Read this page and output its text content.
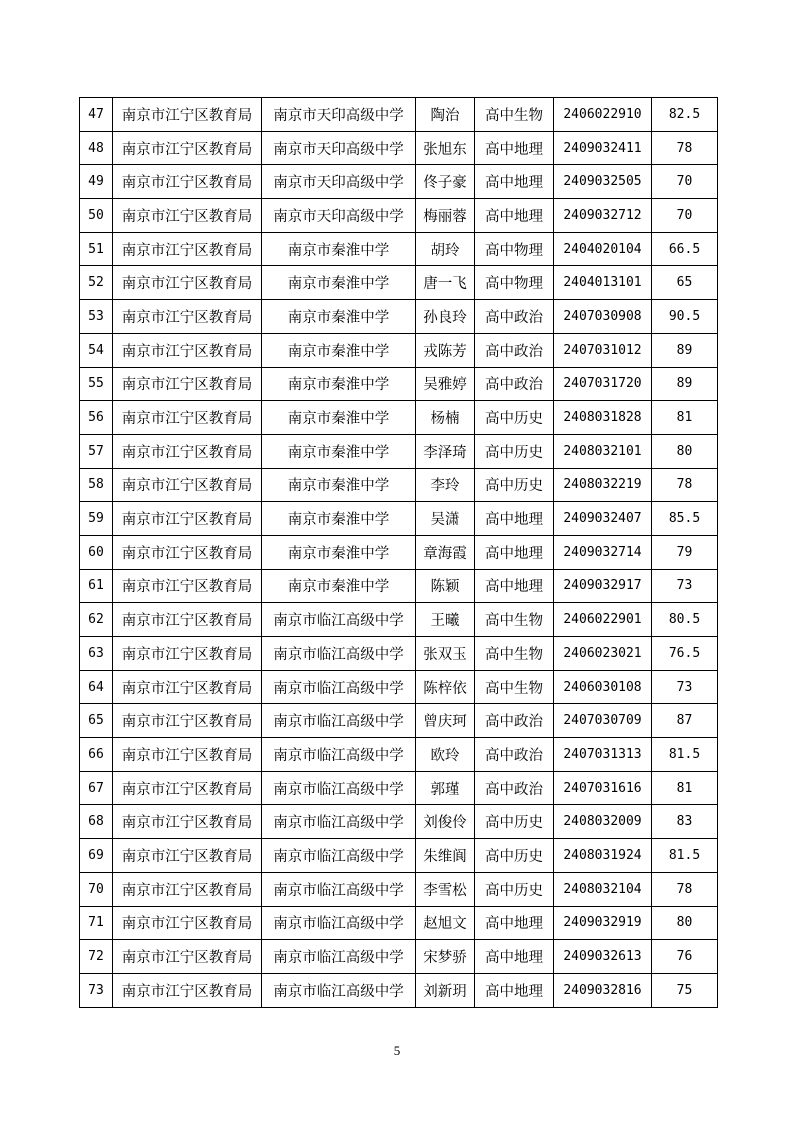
47	南京市江宁区教育局	南京市天印高级中学	陶治	高中生物	2406022910	82.5
48	南京市江宁区教育局	南京市天印高级中学	张旭东	高中地理	2409032411	78
49	南京市江宁区教育局	南京市天印高级中学	佟子豪	高中地理	2409032505	70
50	南京市江宁区教育局	南京市天印高级中学	梅丽蓉	高中地理	2409032712	70
51	南京市江宁区教育局	南京市秦淮中学	胡玲	高中物理	2404020104	66.5
52	南京市江宁区教育局	南京市秦淮中学	唐一飞	高中物理	2404013101	65
53	南京市江宁区教育局	南京市秦淮中学	孙良玲	高中政治	2407030908	90.5
54	南京市江宁区教育局	南京市秦淮中学	戎陈芳	高中政治	2407031012	89
55	南京市江宁区教育局	南京市秦淮中学	吴雅婷	高中政治	2407031720	89
56	南京市江宁区教育局	南京市秦淮中学	杨楠	高中历史	2408031828	81
57	南京市江宁区教育局	南京市秦淮中学	李泽琦	高中历史	2408032101	80
58	南京市江宁区教育局	南京市秦淮中学	李玲	高中历史	2408032219	78
59	南京市江宁区教育局	南京市秦淮中学	吴潇	高中地理	2409032407	85.5
60	南京市江宁区教育局	南京市秦淮中学	章海霞	高中地理	2409032714	79
61	南京市江宁区教育局	南京市秦淮中学	陈颖	高中地理	2409032917	73
62	南京市江宁区教育局	南京市临江高级中学	王曦	高中生物	2406022901	80.5
63	南京市江宁区教育局	南京市临江高级中学	张双玉	高中生物	2406023021	76.5
64	南京市江宁区教育局	南京市临江高级中学	陈梓依	高中生物	2406030108	73
65	南京市江宁区教育局	南京市临江高级中学	曾庆珂	高中政治	2407030709	87
66	南京市江宁区教育局	南京市临江高级中学	欧玲	高中政治	2407031313	81.5
67	南京市江宁区教育局	南京市临江高级中学	郭瑾	高中政治	2407031616	81
68	南京市江宁区教育局	南京市临江高级中学	刘俊伶	高中历史	2408032009	83
69	南京市江宁区教育局	南京市临江高级中学	朱维阆	高中历史	2408031924	81.5
70	南京市江宁区教育局	南京市临江高级中学	李雪松	高中历史	2408032104	78
71	南京市江宁区教育局	南京市临江高级中学	赵旭文	高中地理	2409032919	80
72	南京市江宁区教育局	南京市临江高级中学	宋梦骄	高中地理	2409032613	76
73	南京市江宁区教育局	南京市临江高级中学	刘新玥	高中地理	2409032816	75
5
